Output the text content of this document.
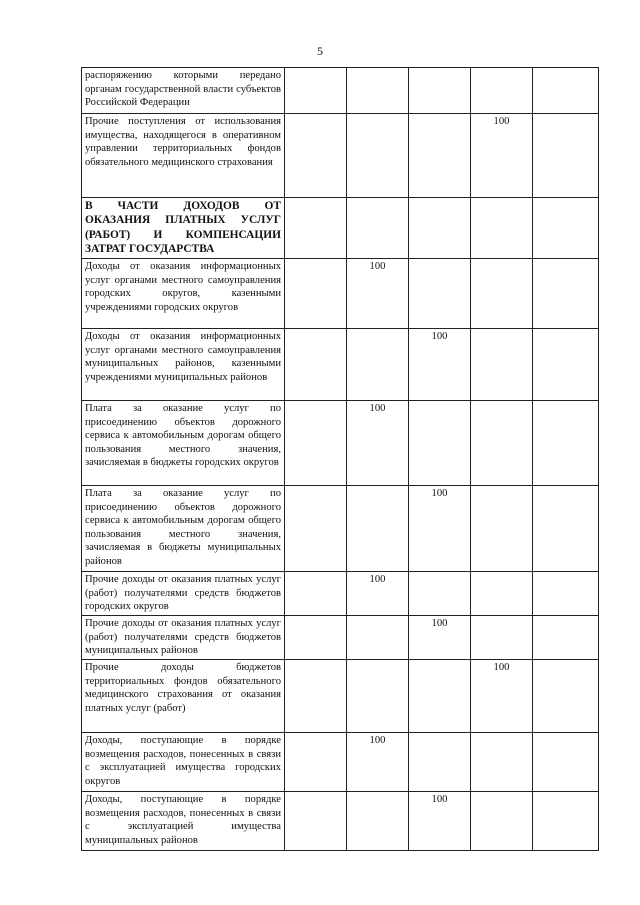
5
распоряжению которыми передано органам государственной власти субъектов Российской Федерации					
Прочие поступления от использования имущества, находящегося в оперативном управлении территориальных фондов обязательного медицинского страхования				100	
В ЧАСТИ ДОХОДОВ ОТ ОКАЗАНИЯ ПЛАТНЫХ УСЛУГ (РАБОТ) И КОМПЕНСАЦИИ ЗАТРАТ ГОСУДАРСТВА					
Доходы от оказания информационных услуг органами местного самоуправления городских округов, казенными учреждениями городских округов		100			
Доходы от оказания информационных услуг органами местного самоуправления муниципальных районов, казенными учреждениями муниципальных районов			100		
Плата за оказание услуг по присоединению объектов дорожного сервиса к автомобильным дорогам общего пользования местного значения, зачисляемая в бюджеты городских округов		100			
Плата за оказание услуг по присоединению объектов дорожного сервиса к автомобильным дорогам общего пользования местного значения, зачисляемая в бюджеты муниципальных районов			100		
Прочие доходы от оказания платных услуг (работ) получателями средств бюджетов городских округов		100			
Прочие доходы от оказания платных услуг (работ) получателями средств бюджетов муниципальных районов			100		
Прочие доходы бюджетов территориальных фондов обязательного медицинского страхования от оказания платных услуг (работ)				100	
Доходы, поступающие в порядке возмещения расходов, понесенных в связи с эксплуатацией имущества городских округов		100			
Доходы, поступающие в порядке возмещения расходов, понесенных в связи с эксплуатацией имущества муниципальных районов			100		
